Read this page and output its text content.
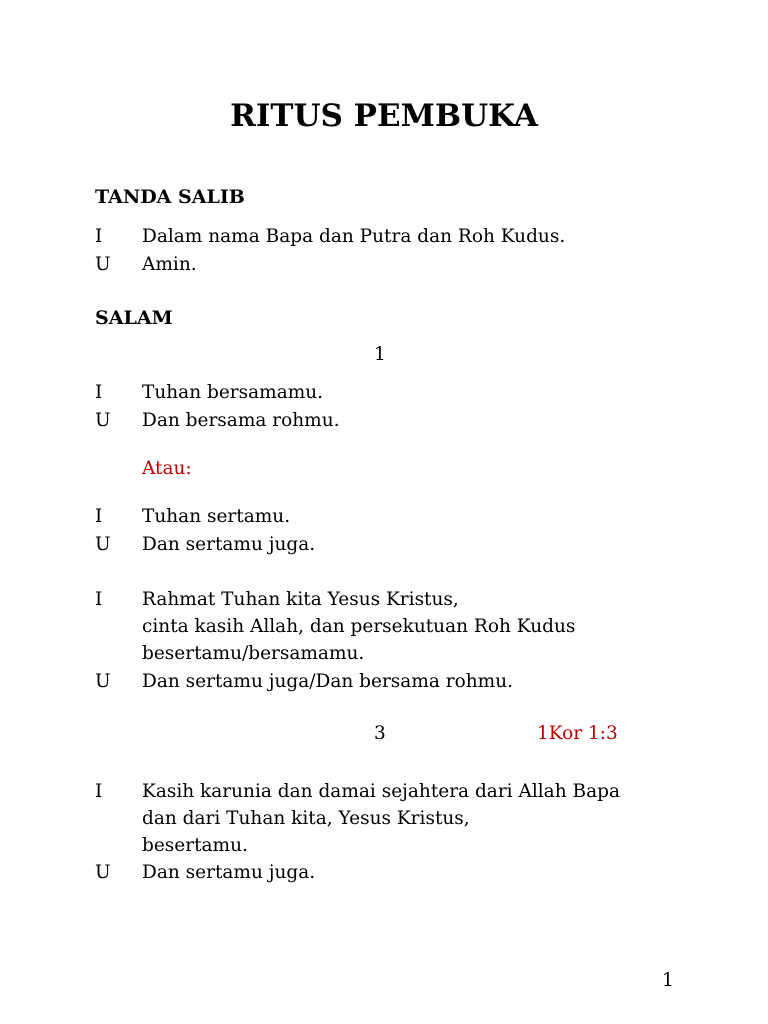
RITUS PEMBUKA
TANDA SALIB
I Dalam nama Bapa dan Putra dan Roh Kudus.
U Amin.
SALAM
1
I Tuhan bersamamu.
U Dan bersama rohmu.
Atau:
I Tuhan sertamu.
U Dan sertamu juga.
I Rahmat Tuhan kita Yesus Kristus,
cinta kasih Allah, dan persekutuan Roh Kudus
besertamu/bersamamu.
U Dan sertamu juga/Dan bersama rohmu.
3	1Kor 1:3
I Kasih karunia dan damai sejahtera dari Allah Bapa
dan dari Tuhan kita, Yesus Kristus,
besertamu.
U Dan sertamu juga.
1
